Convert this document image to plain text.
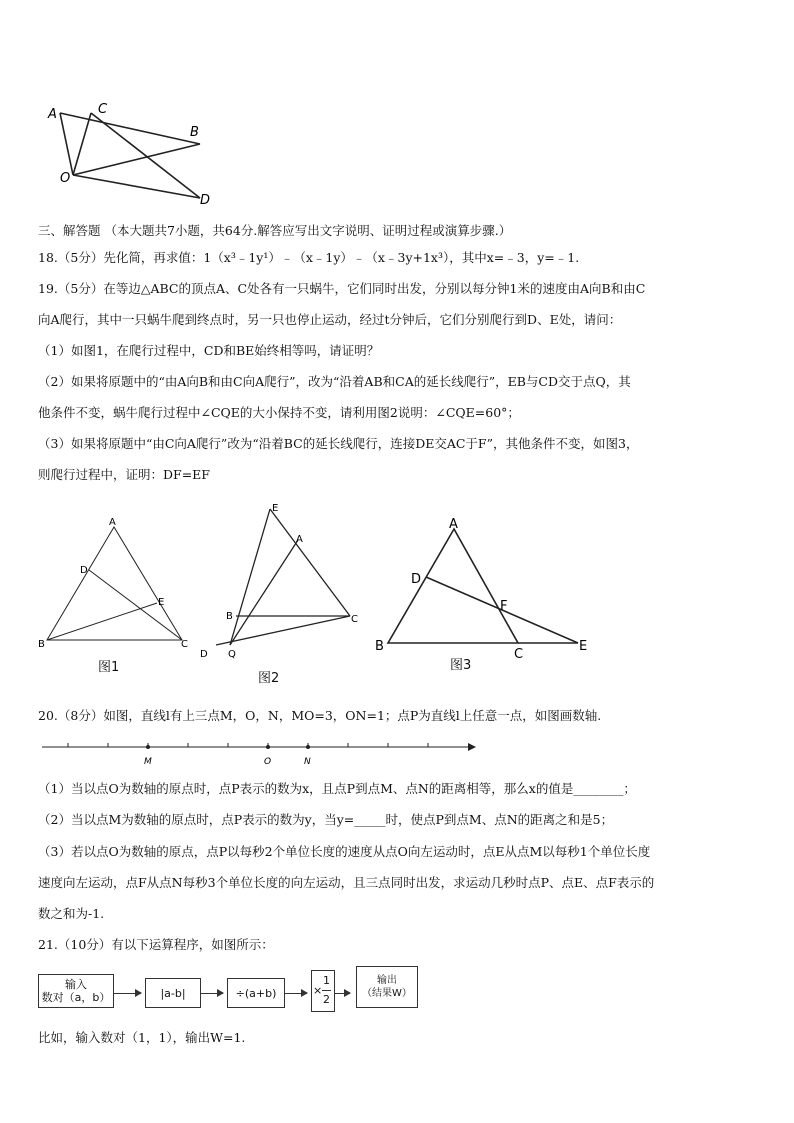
A	C
B
O
D
三、解答题 （本大题共7小题，共64分.解答应写出文字说明、证明过程或演算步骤.）
18.（5分）先化简，再求值：1（x³﹣1y¹）﹣（x﹣1y）﹣（x﹣3y+1x³），其中x=﹣3，y=﹣1.
19.（5分）在等边△ABC的顶点A、C处各有一只蜗牛，它们同时出发，分别以每分钟1米的速度由A向B和由C
向A爬行，其中一只蜗牛爬到终点时，另一只也停止运动，经过t分钟后，它们分别爬行到D、E处，请问：
（1）如图1，在爬行过程中，CD和BE始终相等吗，请证明？
（2）如果将原题中的“由A向B和由C向A爬行”，改为“沿着AB和CA的延长线爬行”，EB与CD交于点Q，其
他条件不变，蜗牛爬行过程中∠CQE的大小保持不变，请利用图2说明：∠CQE=60°；
（3）如果将原题中“由C向A爬行”改为“沿着BC的延长线爬行，连接DE交AC于F”，其他条件不变，如图3，
则爬行过程中，证明：DF=EF
A
D
E
B	C
图1
E
A
B	C
D Q
图2
A
D
F
B
C
E
图3
20.（8分）如图，直线l有上三点M，O，N，MO=3，ON=1；点P为直线l上任意一点，如图画数轴.
M	O	N
（1）当以点O为数轴的原点时，点P表示的数为x，且点P到点M、点N的距离相等，那么x的值是________；
（2）当以点M为数轴的原点时，点P表示的数为y，当y=_____时，使点P到点M、点N的距离之和是5；
（3）若以点O为数轴的原点，点P以每秒2个单位长度的速度从点O向左运动时，点E从点M以每秒1个单位长度
速度向左运动，点F从点N每秒3个单位长度的向左运动，且三点同时出发，求运动几秒时点P、点E、点F表示的
数之和为-1.
21.（10分）有以下运算程序，如图所示：
输入
数对（a，b）	|a-b|	÷(a+b)	×
1
2
输出
（结果W）
比如，输入数对（1，1），输出W=1.
